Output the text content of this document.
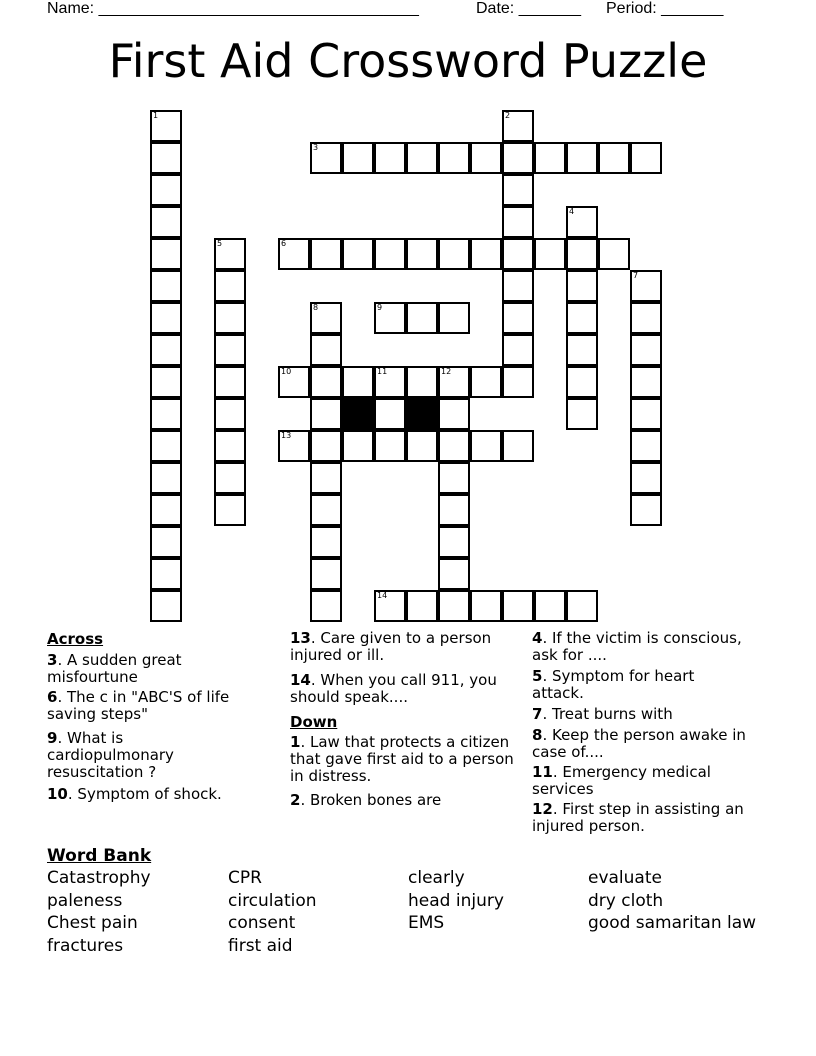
Name: ____________________________________	Date: _______ Period: _______
First Aid Crossword Puzzle
1	2
3
4
5	6
7
8	9
10	11	12
13
14
Across
3. A sudden great misfourtune
6. The c in "ABC'S of life saving steps"
9. What is cardiopulmonary resuscitation ?
10. Symptom of shock.
13. Care given to a person injured or ill.
14. When you call 911, you should speak....
Down
1. Law that protects a citizen that gave first aid to a person in distress.
2. Broken bones are
4. If the victim is conscious, ask for ....
5. Symptom for heart attack.
7. Treat burns with
8. Keep the person awake in case of....
11. Emergency medical services
12. First step in assisting an injured person.
Word Bank
Catastrophy
paleness
Chest pain
fractures
CPR
circulation
consent
first aid
clearly
head injury
EMS
evaluate
dry cloth
good samaritan law
